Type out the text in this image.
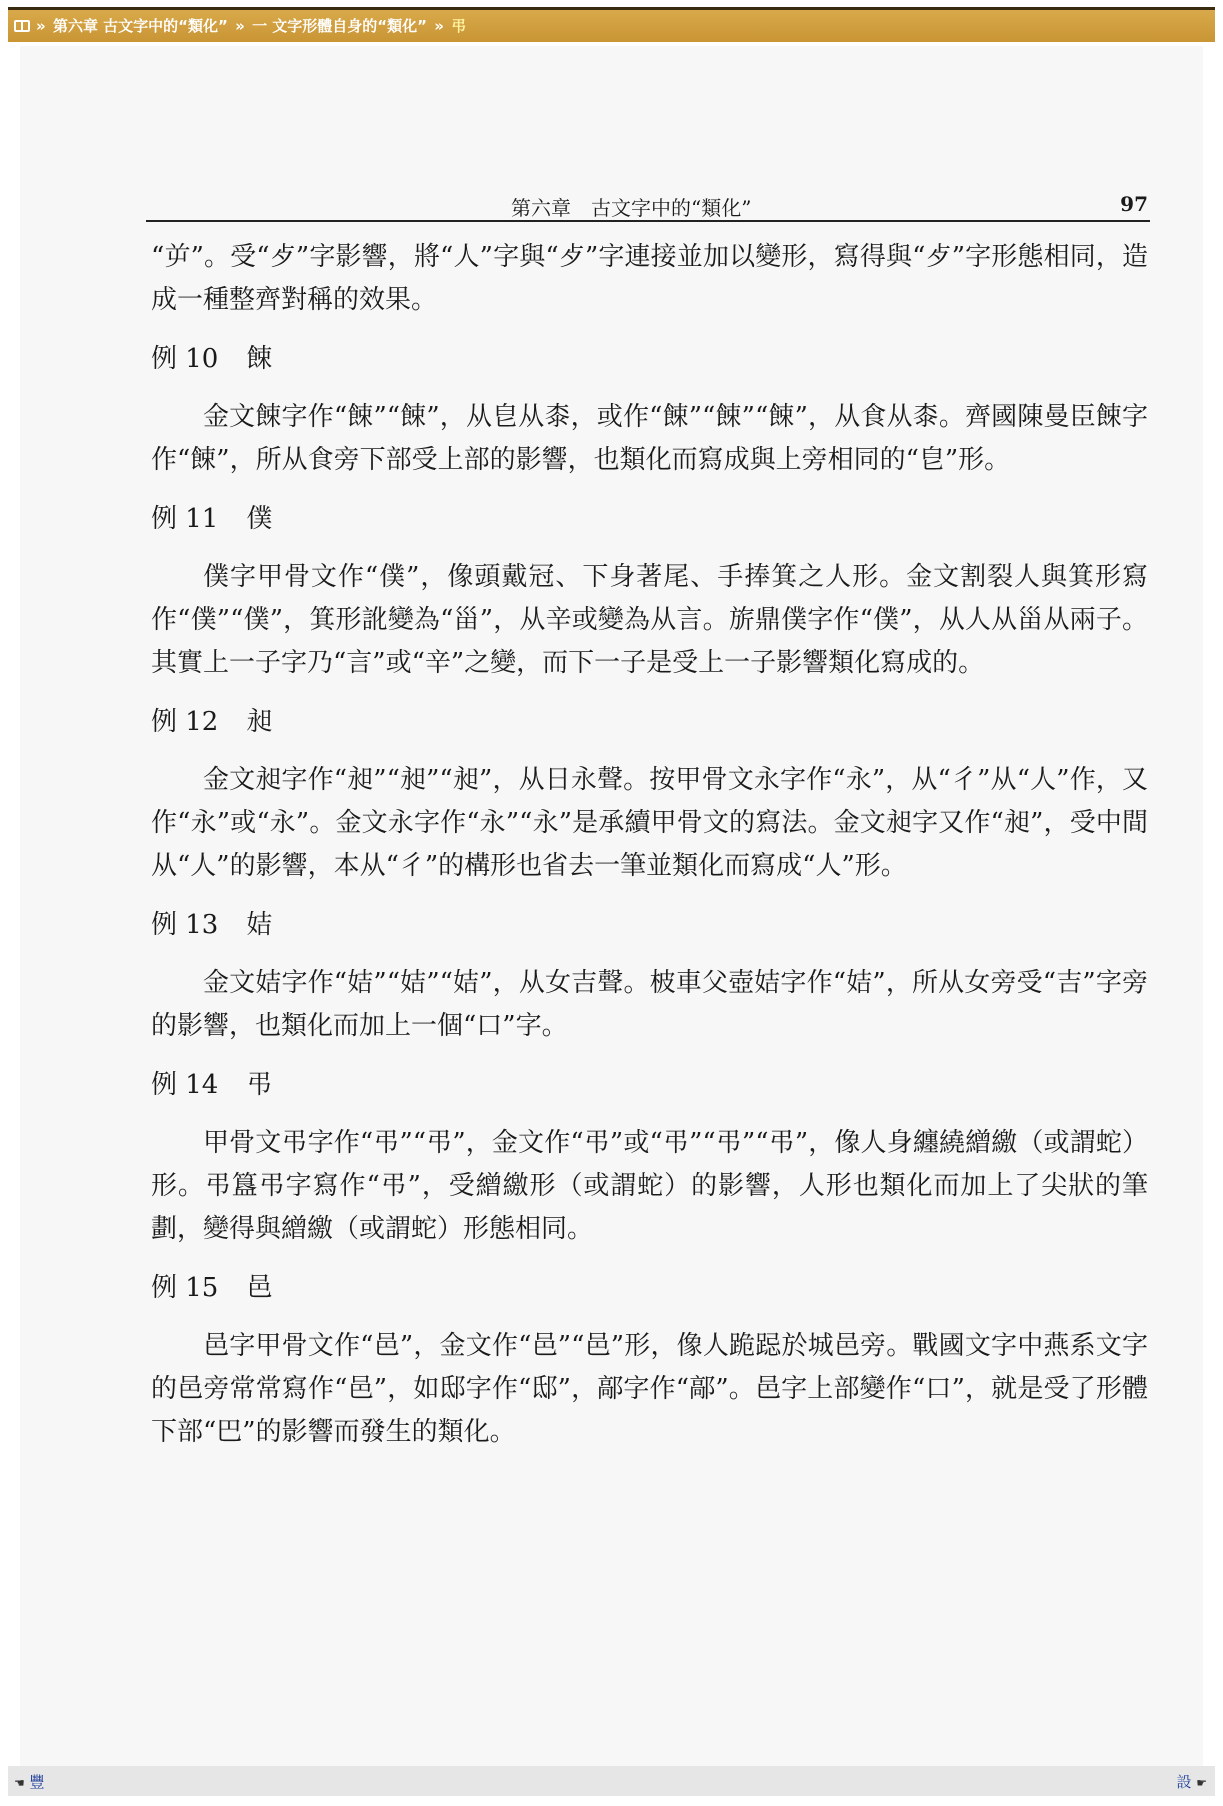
» 第六章 古文字中的“類化” » 一 文字形體自身的“類化” » 弔
第六章　古文字中的“類化”	97

“屰”。受“歺”字影響，將“人”字與“歺”字連接並加以變形，寫得與“歺”字形態相同，造成一種整齊對稱的效果。

例 10 餗

金文餗字作“餗”“餗”，从皀从桼，或作“餗”“餗”“餗”，从食从桼。齊國陳曼臣餗字作“餗”，所从食旁下部受上部的影響，也類化而寫成與上旁相同的“皀”形。

例 11 僕

僕字甲骨文作“僕”，像頭戴冠、下身著尾、手捧箕之人形。金文割裂人與箕形寫作“僕”“僕”，箕形訛變為“甾”，从辛或變為从言。旂鼎僕字作“僕”，从人从甾从兩子。其實上一子字乃“言”或“辛”之變，而下一子是受上一子影響類化寫成的。

例 12 昶

金文昶字作“昶”“昶”“昶”，从日永聲。按甲骨文永字作“永”，从“彳”从“人”作，又作“永”或“永”。金文永字作“永”“永”是承續甲骨文的寫法。金文昶字又作“昶”，受中間从“人”的影響，本从“彳”的構形也省去一筆並類化而寫成“人”形。

例 13 姞

金文姞字作“姞”“姞”“姞”，从女吉聲。柀車父壺姞字作“姞”，所从女旁受“吉”字旁的影響，也類化而加上一個“口”字。

例 14 弔

甲骨文弔字作“弔”“弔”，金文作“弔”或“弔”“弔”“弔”，像人身纏繞繒繳（或謂蛇）形。弔簋弔字寫作“弔”，受繒繳形（或謂蛇）的影響，人形也類化而加上了尖狀的筆劃，變得與繒繳（或謂蛇）形態相同。

例 15 邑

邑字甲骨文作“邑”，金文作“邑”“邑”形，像人跪跽於城邑旁。戰國文字中燕系文字的邑旁常常寫作“邑”，如邸字作“邸”，鄗字作“鄗”。邑字上部變作“口”，就是受了形體下部“巴”的影響而發生的類化。

☚ 豐	設 ☛
